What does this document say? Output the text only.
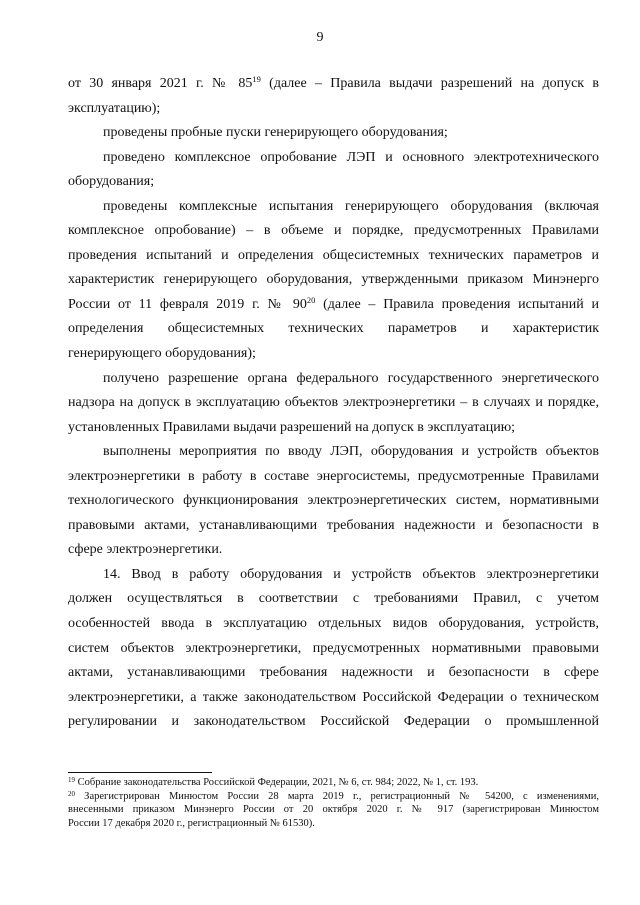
9
от 30 января 2021 г. № $85^{19}$ (далее – Правила выдачи разрешений на допуск в
эксплуатацию);
проведены пробные пуски генерирующего оборудования;
проведено комплексное опробование ЛЭП и основного электротехнического
оборудования;
проведены комплексные испытания генерирующего оборудования (включая
комплексное опробование) – в объеме и порядке, предусмотренных Правилами
проведения испытаний и определения общесистемных технических параметров и
характеристик генерирующего оборудования, утвержденными приказом Минэнерго
России от 11 февраля 2019 г. № $90^{20}$ (далее – Правила проведения испытаний и
определения общесистемных технических параметров и характеристик
генерирующего оборудования);
получено разрешение органа федерального государственного энергетического
надзора на допуск в эксплуатацию объектов электроэнергетики – в случаях и порядке,
установленных Правилами выдачи разрешений на допуск в эксплуатацию;
выполнены мероприятия по вводу ЛЭП, оборудования и устройств объектов
электроэнергетики в работу в составе энергосистемы, предусмотренные Правилами
технологического функционирования электроэнергетических систем, нормативными
правовыми актами, устанавливающими требования надежности и безопасности в
сфере электроэнергетики.
14. Ввод в работу оборудования и устройств объектов электроэнергетики
должен осуществляться в соответствии с требованиями Правил, с учетом
особенностей ввода в эксплуатацию отдельных видов оборудования, устройств,
систем объектов электроэнергетики, предусмотренных нормативными правовыми
актами, устанавливающими требования надежности и безопасности в сфере
электроэнергетики, а также законодательством Российской Федерации о техническом
регулировании и законодательством Российской Федерации о промышленной
$^{19}$ Собрание законодательства Российской Федерации, 2021, № 6, ст. 984; 2022, № 1, ст. 193.
$^{20}$ Зарегистрирован Минюстом России 28 марта 2019 г., регистрационный № 54200, с изменениями,
внесенными приказом Минэнерго России от 20 октября 2020 г. № 917 (зарегистрирован Минюстом
России 17 декабря 2020 г., регистрационный № 61530).
